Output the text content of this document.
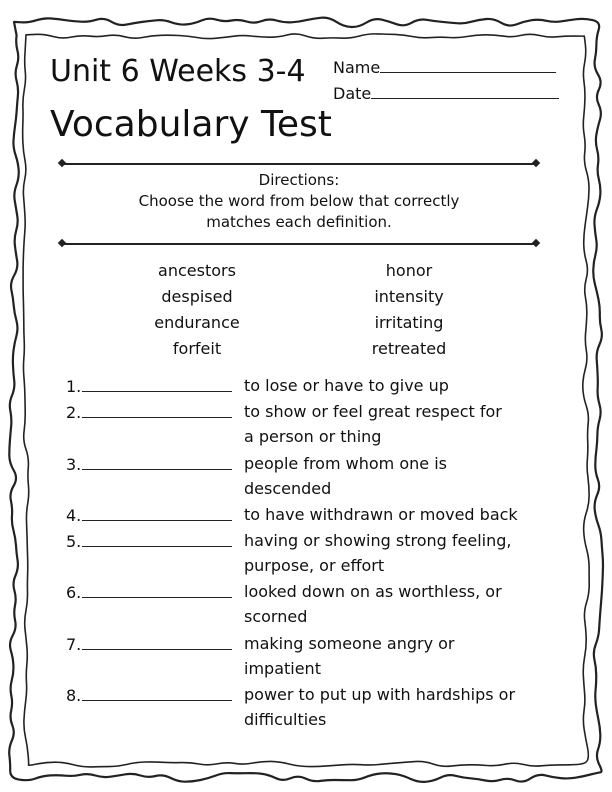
Unit 6 Weeks 3-4
Vocabulary Test
Name
Date
Directions:
Choose the word from below that correctly
matches each definition.
ancestors
despised
endurance
forfeit
honor
intensity
irritating
retreated
1.	to lose or have to give up
2.	to show or feel great respect for
a person or thing
3.	people from whom one is
descended
4.	to have withdrawn or moved back
5.	having or showing strong feeling,
purpose, or effort
6.	looked down on as worthless, or
scorned
7.	making someone angry or
impatient
8.	power to put up with hardships or
difficulties
